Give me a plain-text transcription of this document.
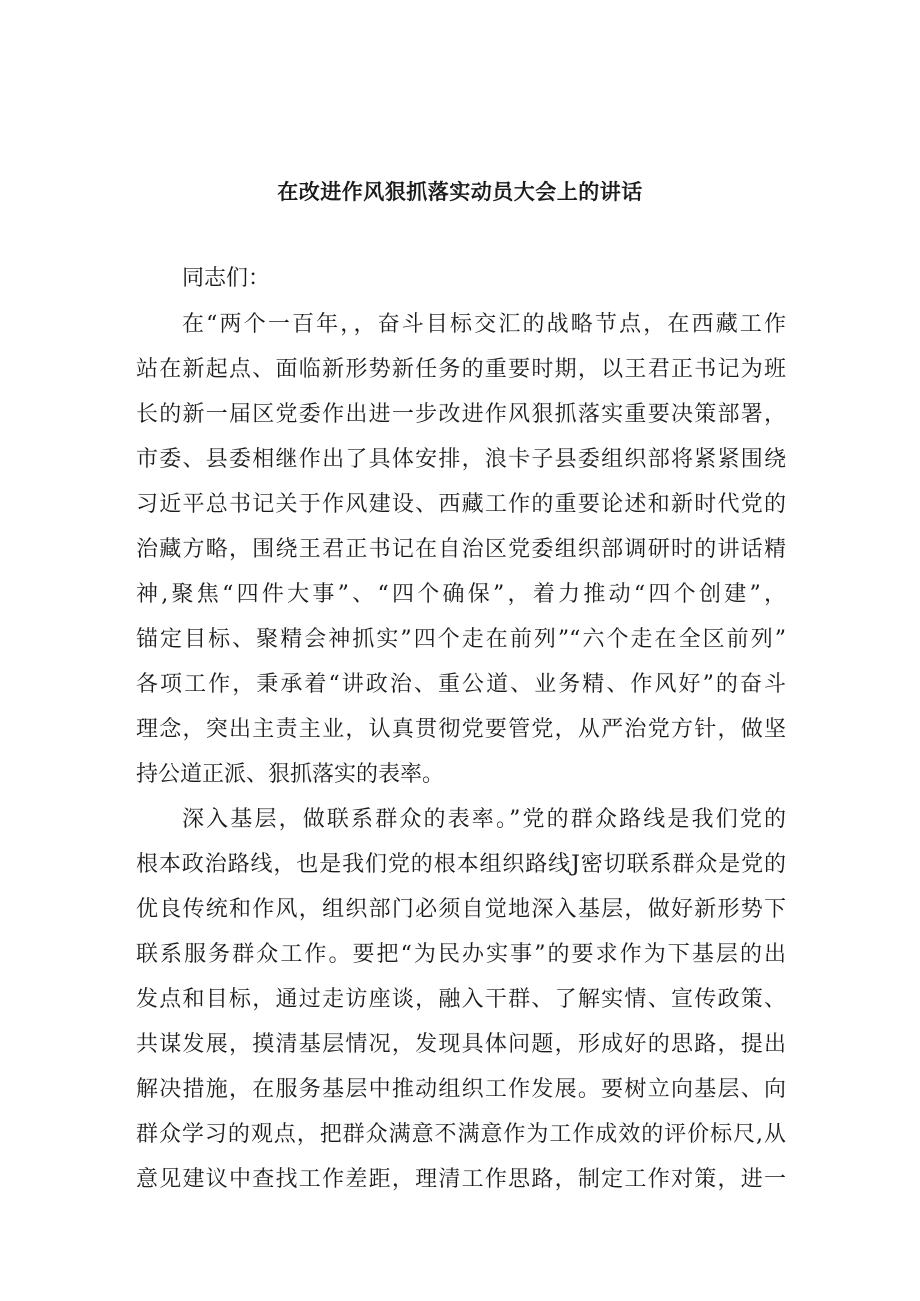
在改进作风狠抓落实动员大会上的讲话
同志们：
在“两个一百年，，奋斗目标交汇的战略节点，在西藏工作
站在新起点、面临新形势新任务的重要时期，以王君正书记为班
长的新一届区党委作出进一步改进作风狠抓落实重要决策部署，
市委、县委相继作出了具体安排，浪卡子县委组织部将紧紧围绕
习近平总书记关于作风建设、西藏工作的重要论述和新时代党的
治藏方略，围绕王君正书记在自治区党委组织部调研时的讲话精
神,聚焦“四件大事”、“四个确保”，着力推动“四个创建”，
锚定目标、聚精会神抓实”四个走在前列”“六个走在全区前列”
各项工作，秉承着“讲政治、重公道、业务精、作风好”的奋斗
理念，突出主责主业，认真贯彻党要管党，从严治党方针，做坚
持公道正派、狠抓落实的表率。
深入基层，做联系群众的表率。”党的群众路线是我们党的
根本政治路线，也是我们党的根本组织路线J密切联系群众是党的
优良传统和作风，组织部门必须自觉地深入基层，做好新形势下
联系服务群众工作。要把“为民办实事”的要求作为下基层的出
发点和目标，通过走访座谈，融入干群、了解实情、宣传政策、
共谋发展，摸清基层情况，发现具体问题，形成好的思路，提出
解决措施，在服务基层中推动组织工作发展。要树立向基层、向
群众学习的观点，把群众满意不满意作为工作成效的评价标尺,从
意见建议中查找工作差距，理清工作思路，制定工作对策，进一
